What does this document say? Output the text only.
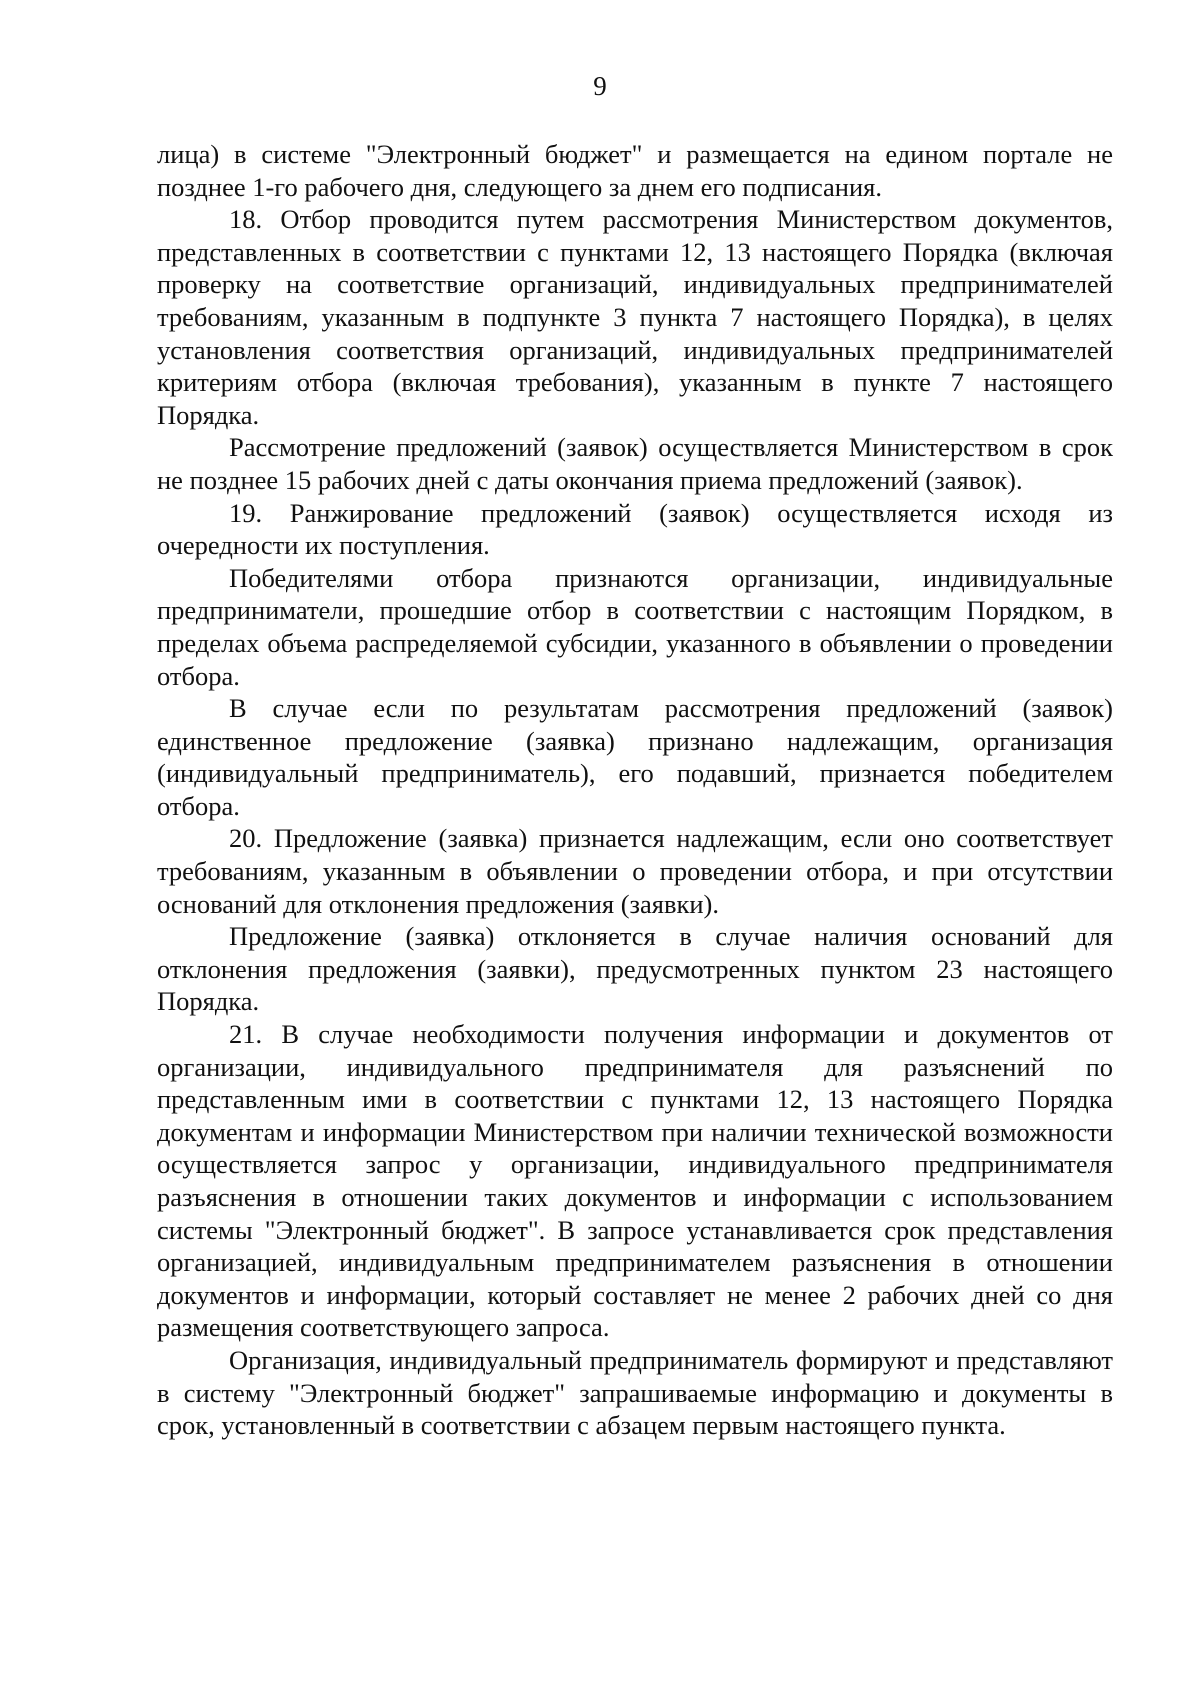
9

лица) в системе "Электронный бюджет" и размещается на едином портале не позднее 1-го рабочего дня, следующего за днем его подписания.

18. Отбор проводится путем рассмотрения Министерством документов, представленных в соответствии с пунктами 12, 13 настоящего Порядка (включая проверку на соответствие организаций, индивидуальных предпринимателей требованиям, указанным в подпункте 3 пункта 7 настоящего Порядка), в целях установления соответствия организаций, индивидуальных предпринимателей критериям отбора (включая требования), указанным в пункте 7 настоящего Порядка.

Рассмотрение предложений (заявок) осуществляется Министерством в срок не позднее 15 рабочих дней с даты окончания приема предложений (заявок).

19. Ранжирование предложений (заявок) осуществляется исходя из очередности их поступления.

Победителями отбора признаются организации, индивидуальные предприниматели, прошедшие отбор в соответствии с настоящим Порядком, в пределах объема распределяемой субсидии, указанного в объявлении о проведении отбора.

В случае если по результатам рассмотрения предложений (заявок) единственное предложение (заявка) признано надлежащим, организация (индивидуальный предприниматель), его подавший, признается победителем отбора.

20. Предложение (заявка) признается надлежащим, если оно соответствует требованиям, указанным в объявлении о проведении отбора, и при отсутствии оснований для отклонения предложения (заявки).

Предложение (заявка) отклоняется в случае наличия оснований для отклонения предложения (заявки), предусмотренных пунктом 23 настоящего Порядка.

21. В случае необходимости получения информации и документов от организации, индивидуального предпринимателя для разъяснений по представленным ими в соответствии с пунктами 12, 13 настоящего Порядка документам и информации Министерством при наличии технической возможности осуществляется запрос у организации, индивидуального предпринимателя разъяснения в отношении таких документов и информации с использованием системы "Электронный бюджет". В запросе устанавливается срок представления организацией, индивидуальным предпринимателем разъяснения в отношении документов и информации, который составляет не менее 2 рабочих дней со дня размещения соответствующего запроса.

Организация, индивидуальный предприниматель формируют и представляют в систему "Электронный бюджет" запрашиваемые информацию и документы в срок, установленный в соответствии с абзацем первым настоящего пункта.
